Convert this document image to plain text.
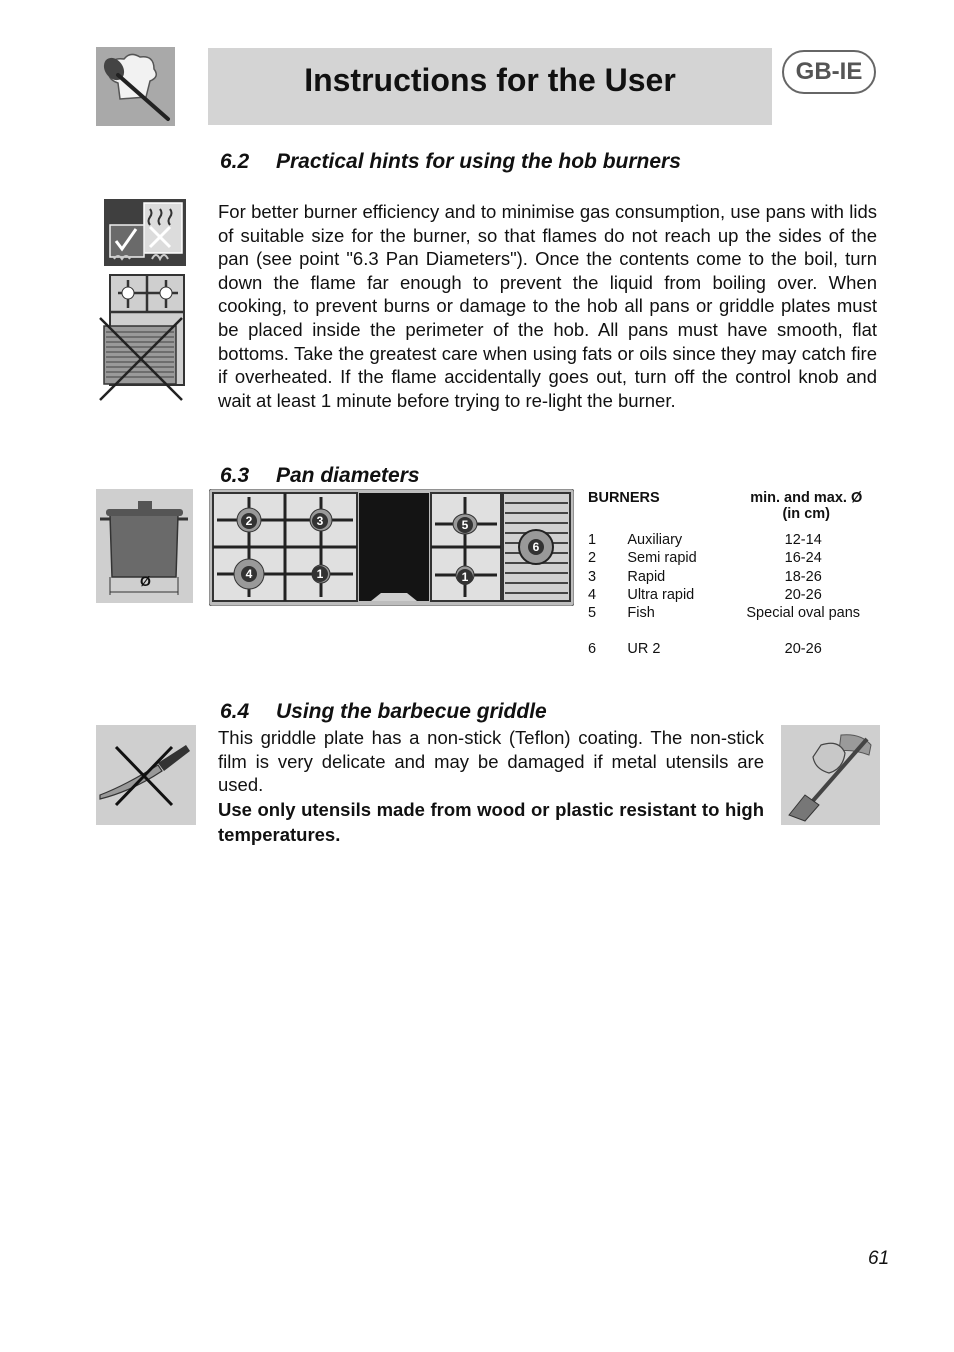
Instructions for the User	GB-IE
6.2 Practical hints for using the hob burners
For better burner efficiency and to minimise gas consumption, use pans with lids of suitable size for the burner, so that flames do not reach up the sides of the pan (see point "6.3 Pan Diameters"). Once the contents come to the boil, turn down the flame far enough to prevent the liquid from boiling over. When cooking, to prevent burns or damage to the hob all pans or griddle plates must be placed inside the perimeter of the hob. All pans must have smooth, flat bottoms. Take the greatest care when using fats or oils since they may catch fire if overheated. If the flame accidentally goes out, turn off the control knob and wait at least 1 minute before trying to re-light the burner.
6.3 Pan diameters
Ø
2	3
4	1
5
1
6
BURNERS		min. and max. Ø
(in cm)

1	Auxiliary	12-14
2	Semi rapid	16-24
3	Rapid	18-26
4	Ultra rapid	20-26
5	Fish	Special oval pans

6	UR 2	20-26
6.4 Using the barbecue griddle
This griddle plate has a non-stick (Teflon) coating. The non-stick film is very delicate and may be damaged if metal utensils are used.
Use only utensils made from wood or plastic resistant to high temperatures.
61
